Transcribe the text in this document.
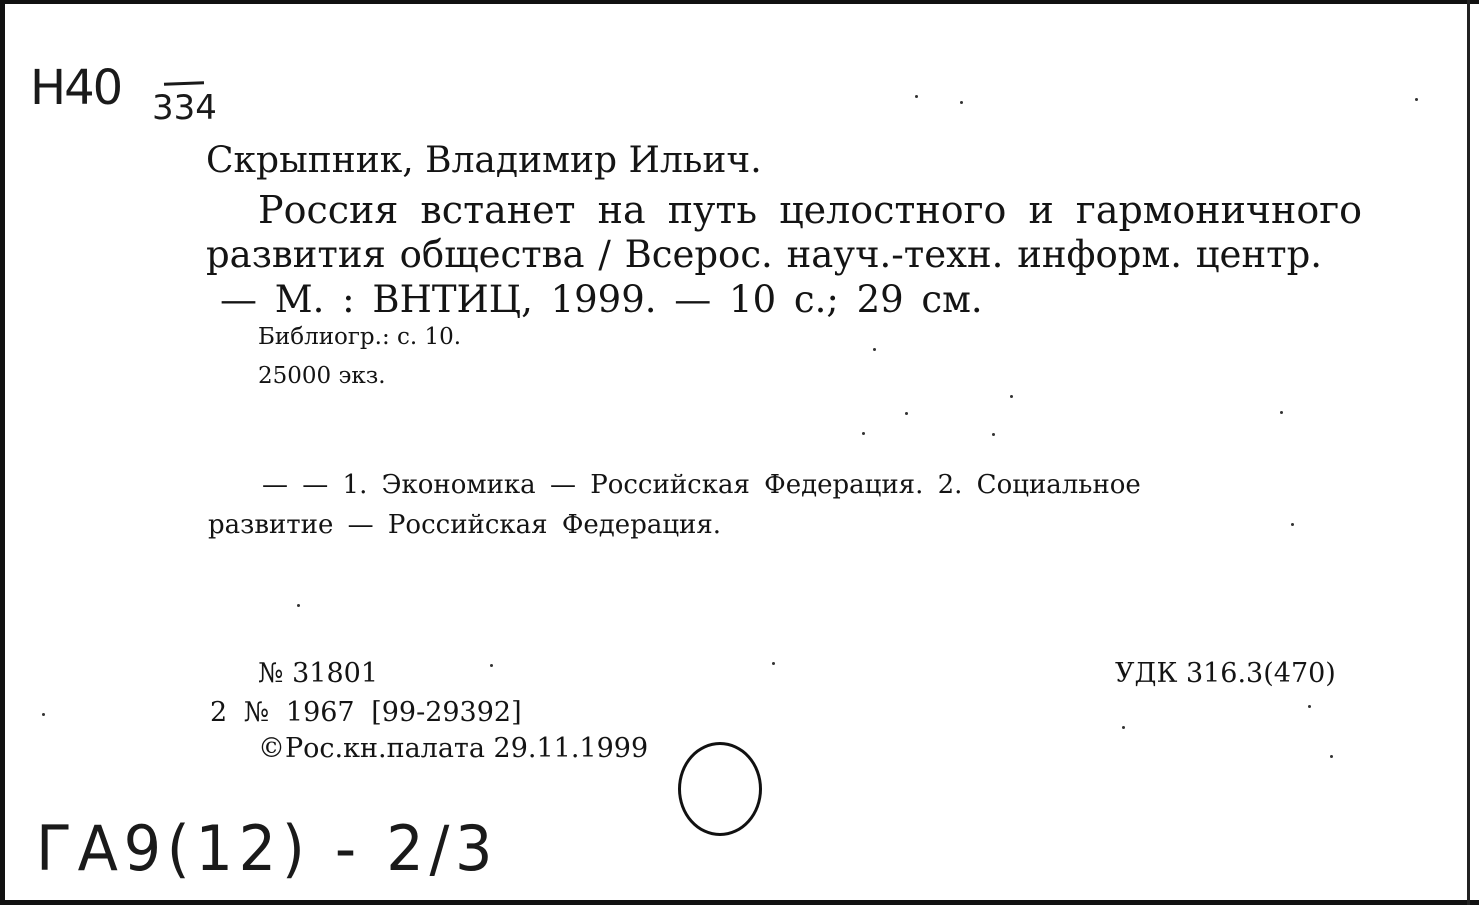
H40 334
Скрыпник, Владимир Ильич.
Россия встанет на путь целостного и гармоничного
развития общества / Всерос. науч.-техн. информ. центр.
— М. : ВНТИЦ, 1999. — 10 с.; 29 см.
Библиогр.: с. 10.
25000 экз.
— — 1. Экономика — Российская Федерация. 2. Социальное
развитие — Российская Федерация.
№ 31801	УДК 316.3(470)
2 № 1967 [99-29392]
©Рос.кн.палата 29.11.1999
ГА9(12) - 2/3
